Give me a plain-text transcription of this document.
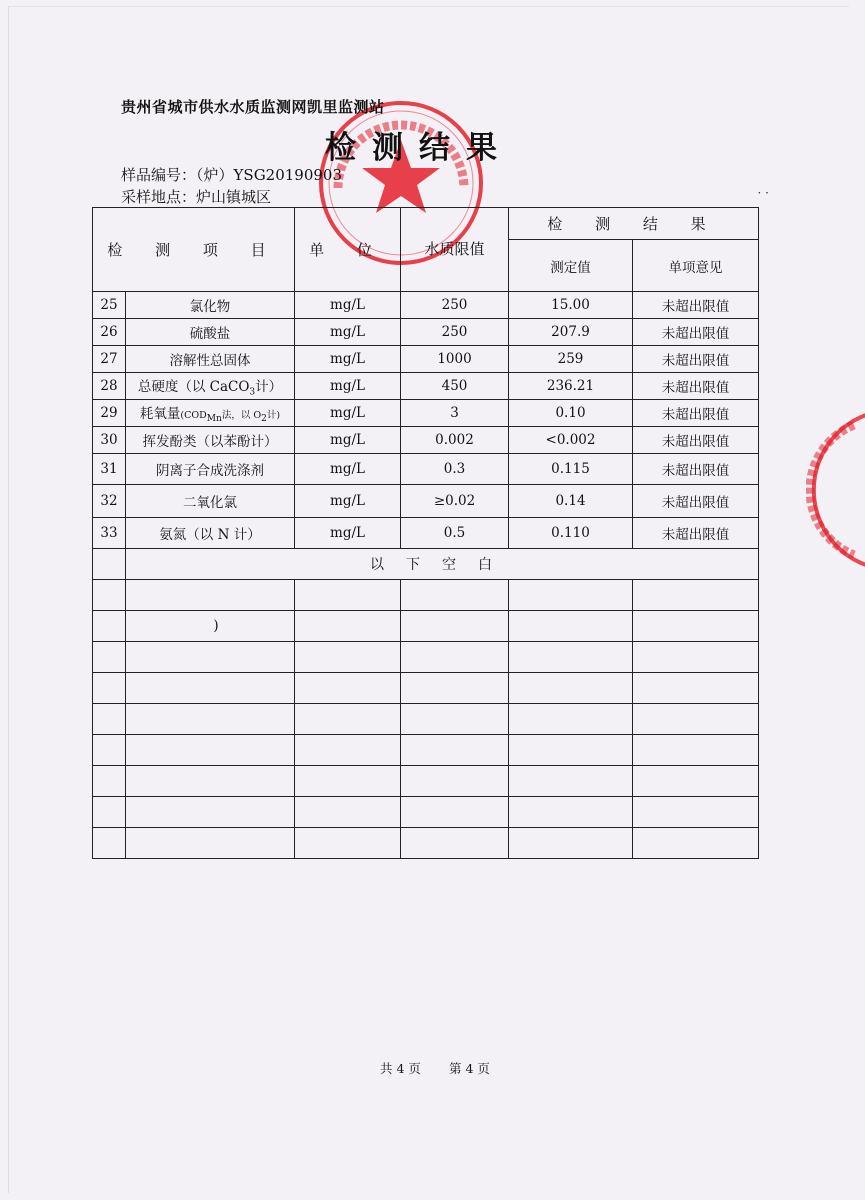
贵州省城市供水水质监测网凯里监测站
检测结果
样品编号：（炉）YSG20190903
采样地点：炉山镇城区	· ·
检 测 项 目		单 位	水质限值	检 测 结 果	
				测定值	单项意见
25	氯化物	mg/L	250	15.00	未超出限值
26	硫酸盐	mg/L	250	207.9	未超出限值
27	溶解性总固体	mg/L	1000	259	未超出限值
28	总硬度（以 CaCO$_3$计）	mg/L	450	236.21	未超出限值
29	耗氧量($COD_{Mn}$法，以 $O_2$计)	mg/L	3	0.10	未超出限值
30	挥发酚类（以苯酚计）	mg/L	0.002	<0.002	未超出限值
31	阴离子合成洗涤剂	mg/L	0.3	0.115	未超出限值
32	二氧化氯	mg/L	≥0.02	0.14	未超出限值
33	氨氮（以 N 计）	mg/L	0.5	0.110	未超出限值
	以下空白				

	)				

共 4 页 第 4 页
